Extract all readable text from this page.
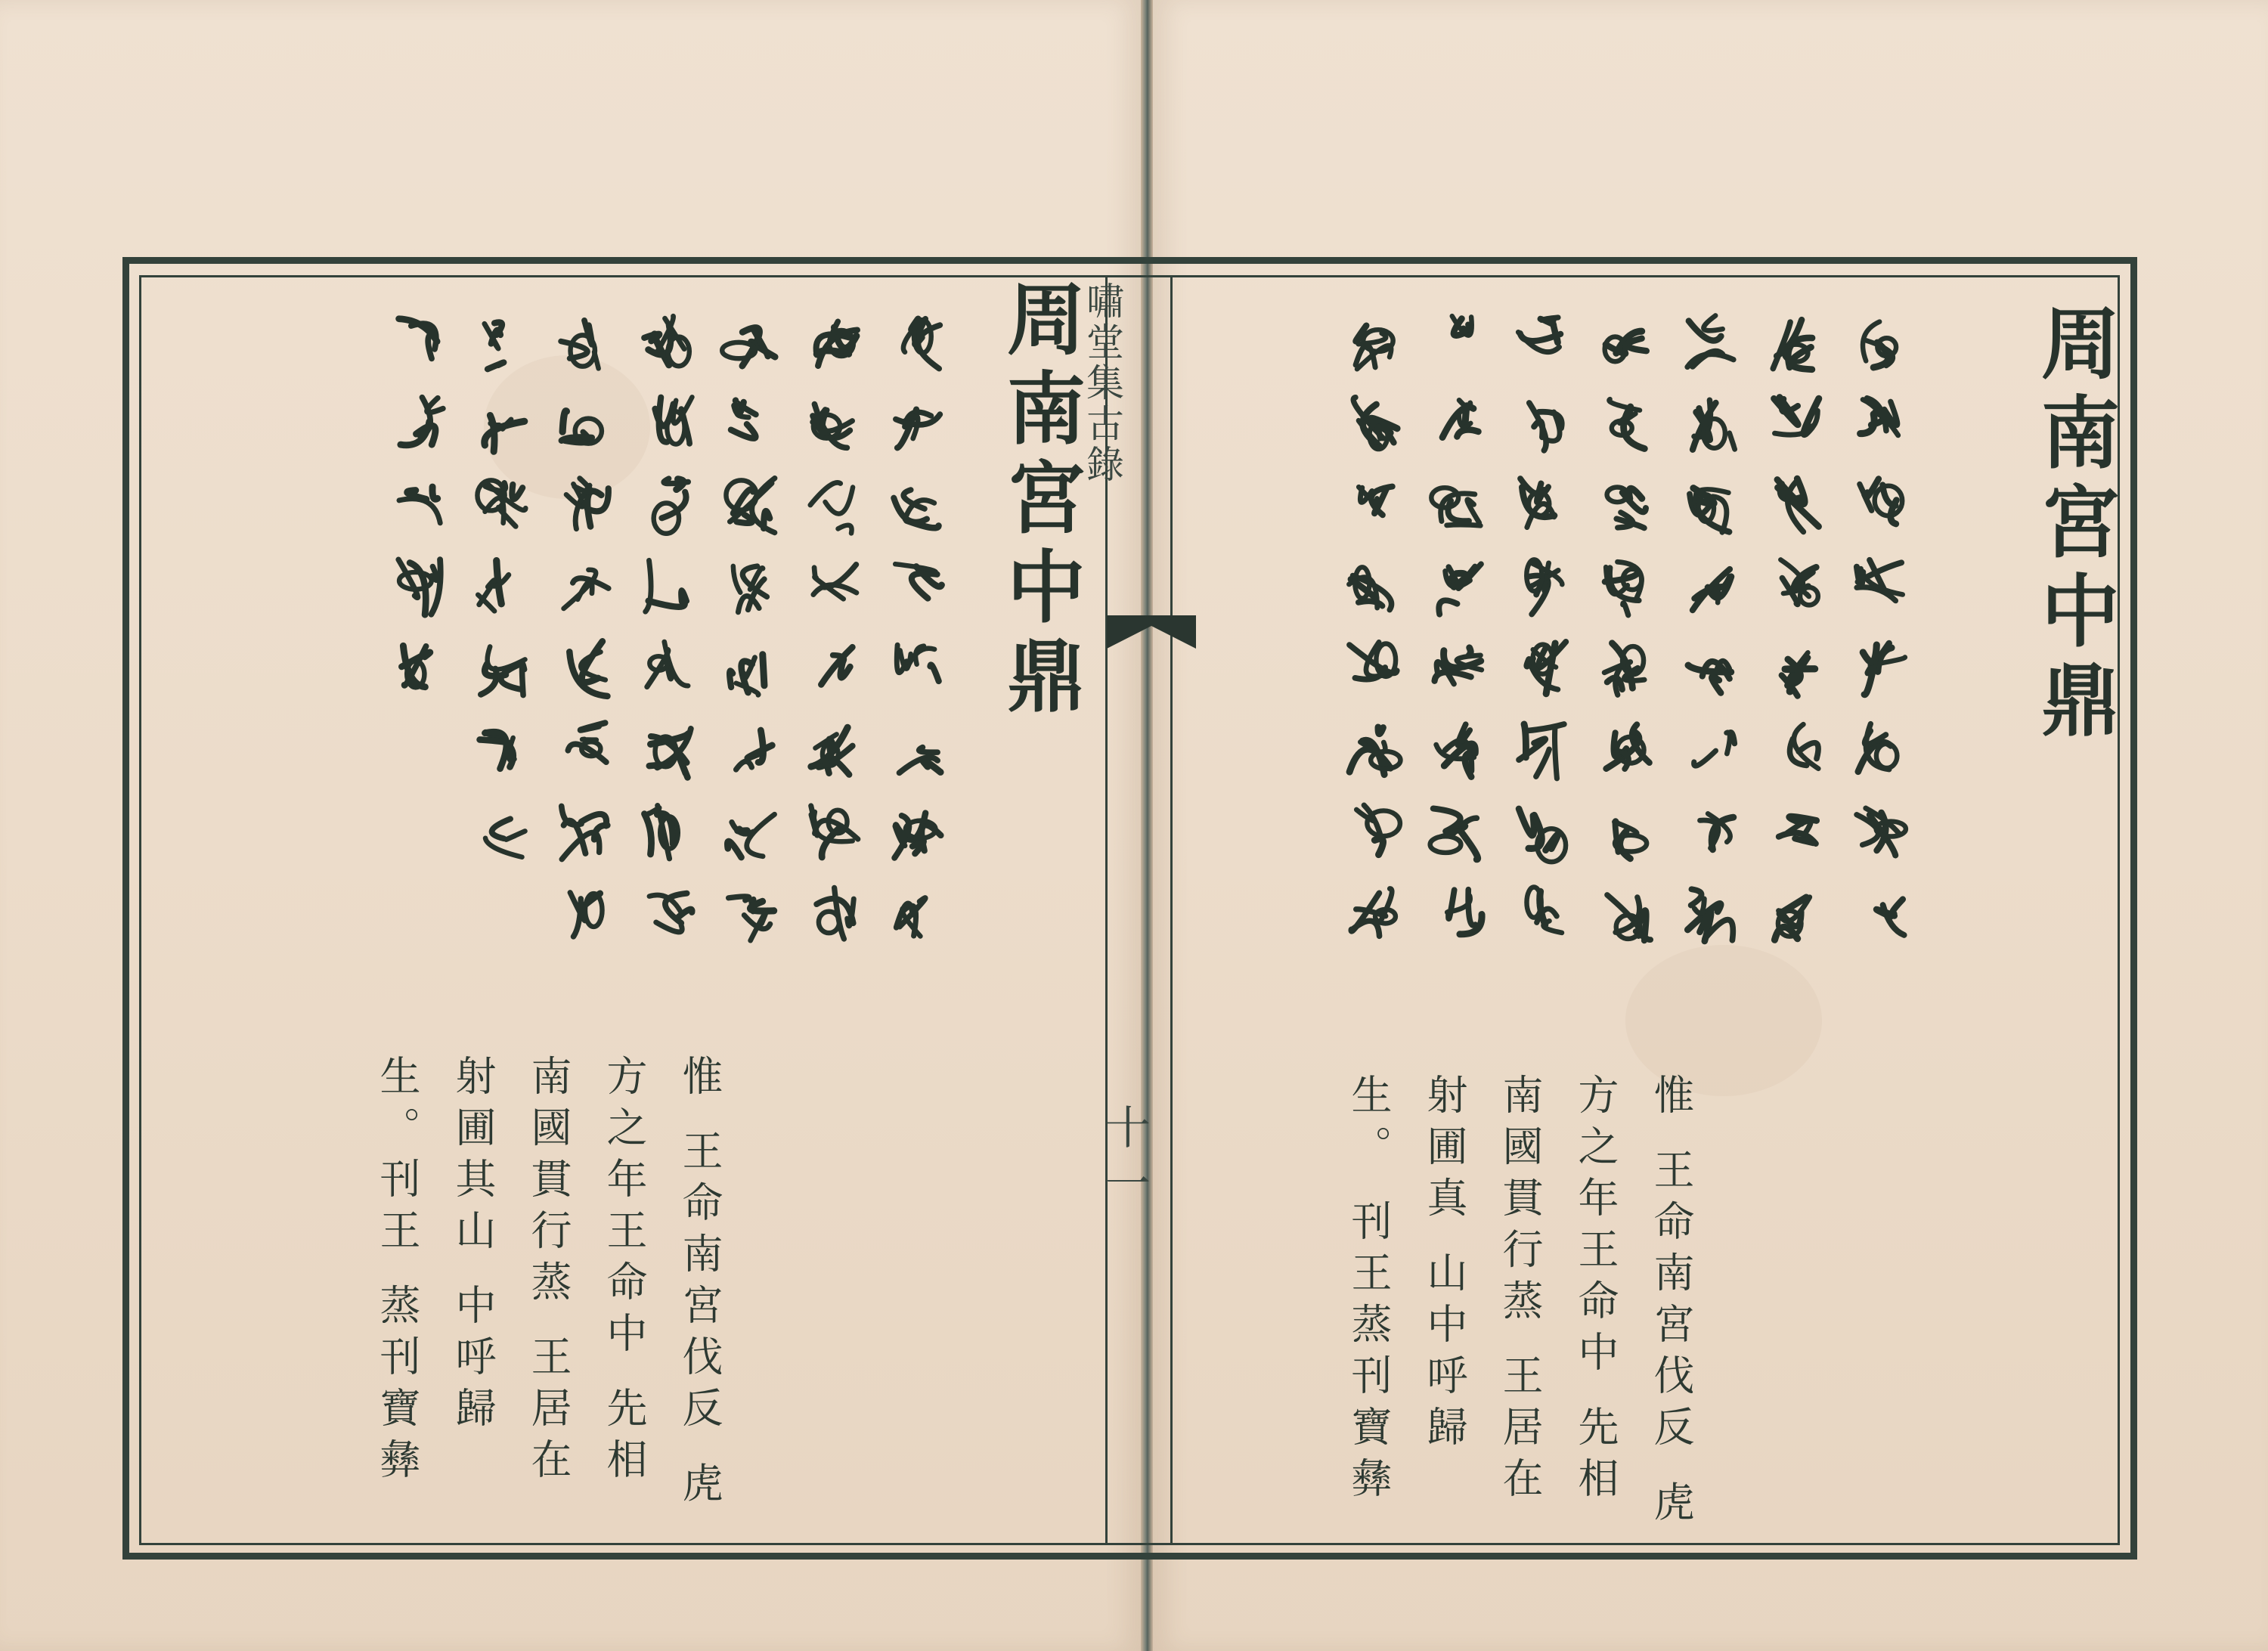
嘯堂集古錄
十一
周南宮中鼎	周南宮中鼎
惟 王命南宮伐反 虎方之年王命中 先相南國貫行蒸 王居在射圃其山 中呼歸生。刊王 蒸刊寶彝	惟 王命南宮伐反 虎方之年王命中 先相南國貫行蒸 王居在射圃真 山中呼歸生。 刊王蒸刊寶彝
